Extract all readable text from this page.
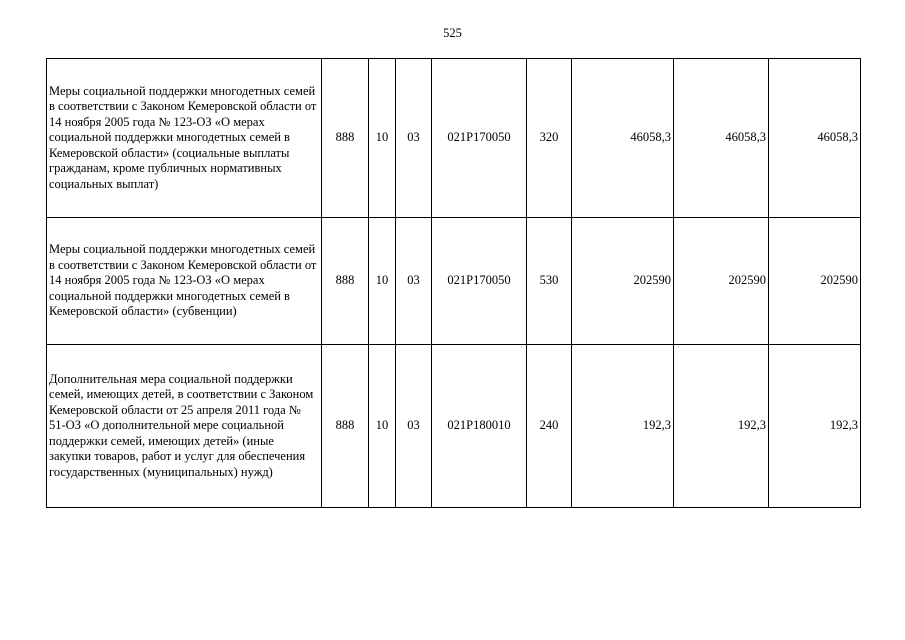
525
Меры социальной поддержки многодетных семей в соответствии с Законом Кемеровской области от 14 ноября 2005 года № 123-ОЗ «О мерах социальной поддержки многодетных семей в Кемеровской области» (социальные выплаты гражданам, кроме публичных нормативных социальных выплат)	888	10	03	021P170050	320	46058,3	46058,3	46058,3
Меры социальной поддержки многодетных семей в соответствии с Законом Кемеровской области от 14 ноября 2005 года № 123-ОЗ «О мерах социальной поддержки многодетных семей в Кемеровской области» (субвенции)	888	10	03	021P170050	530	202590	202590	202590
Дополнительная мера социальной поддержки семей, имеющих детей, в соответствии с Законом Кемеровской области от 25 апреля 2011 года № 51-ОЗ «О дополнительной мере социальной поддержки семей, имеющих детей» (иные закупки товаров, работ и услуг для обеспечения государственных (муниципальных) нужд)	888	10	03	021P180010	240	192,3	192,3	192,3
